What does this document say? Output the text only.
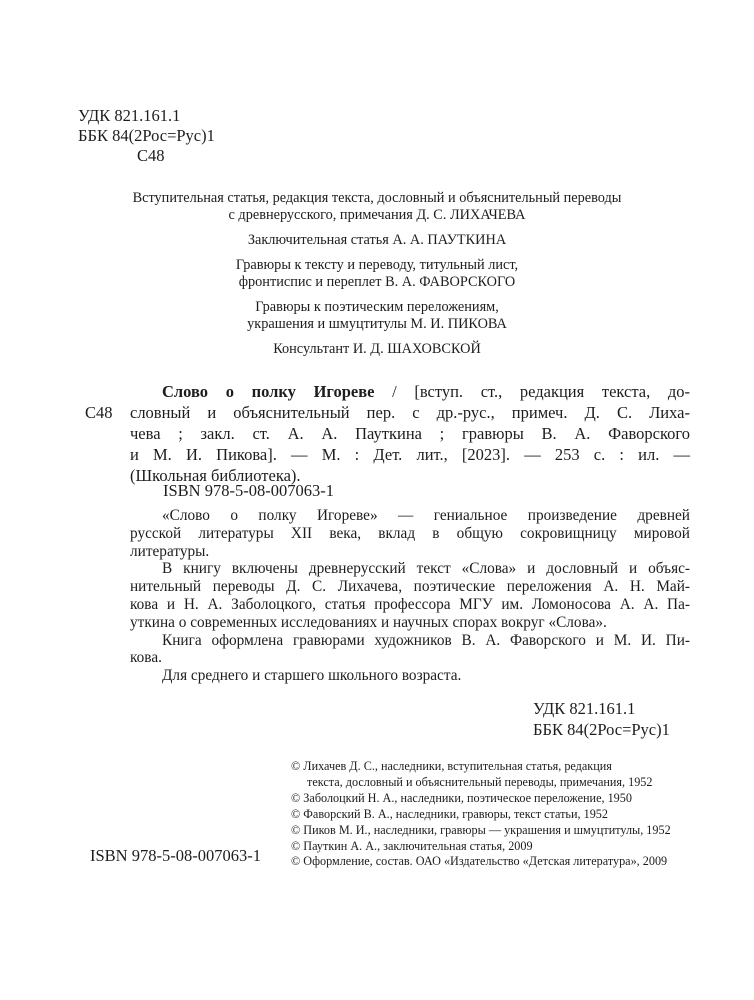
УДК 821.161.1
ББК 84(2Рос=Рус)1
С48
Вступительная статья, редакция текста, дословный и объяснительный переводы
с древнерусского, примечания Д. С. ЛИХАЧЕВА
Заключительная статья А. А. ПАУТКИНА
Гравюры к тексту и переводу, титульный лист,
фронтиспис и переплет В. А. ФАВОРСКОГО
Гравюры к поэтическим переложениям,
украшения и шмуцтитулы М. И. ПИКОВА
Консультант И. Д. ШАХОВСКОЙ
С48
Слово о полку Игореве / [вступ. ст., редакция текста, до-
словный и объяснительный пер. с др.-рус., примеч. Д. С. Лиха-
чева ; закл. ст. А. А. Пауткина ; гравюры В. А. Фаворского
и М. И. Пикова]. — М. : Дет. лит., [2023]. — 253 с. : ил. —
(Школьная библиотека).
ISBN 978-5-08-007063-1
«Слово о полку Игореве» — гениальное произведение древней
русской литературы XII века, вклад в общую сокровищницу мировой
литературы.
В книгу включены древнерусский текст «Слова» и дословный и объяс-
нительный переводы Д. С. Лихачева, поэтические переложения А. Н. Май-
кова и Н. А. Заболоцкого, статья профессора МГУ им. Ломоносова А. А. Па-
уткина о современных исследованиях и научных спорах вокруг «Слова».
Книга оформлена гравюрами художников В. А. Фаворского и М. И. Пи-
кова.
Для среднего и старшего школьного возраста.
УДК 821.161.1
ББК 84(2Рос=Рус)1
© Лихачев Д. С., наследники, вступительная статья, редакция
текста, дословный и объяснительный переводы, примечания, 1952
© Заболоцкий Н. А., наследники, поэтическое переложение, 1950
© Фаворский В. А., наследники, гравюры, текст статьи, 1952
© Пиков М. И., наследники, гравюры — украшения и шмуцтитулы, 1952
© Пауткин А. А., заключительная статья, 2009
© Оформление, состав. ОАО «Издательство «Детская литература», 2009
ISBN 978-5-08-007063-1
